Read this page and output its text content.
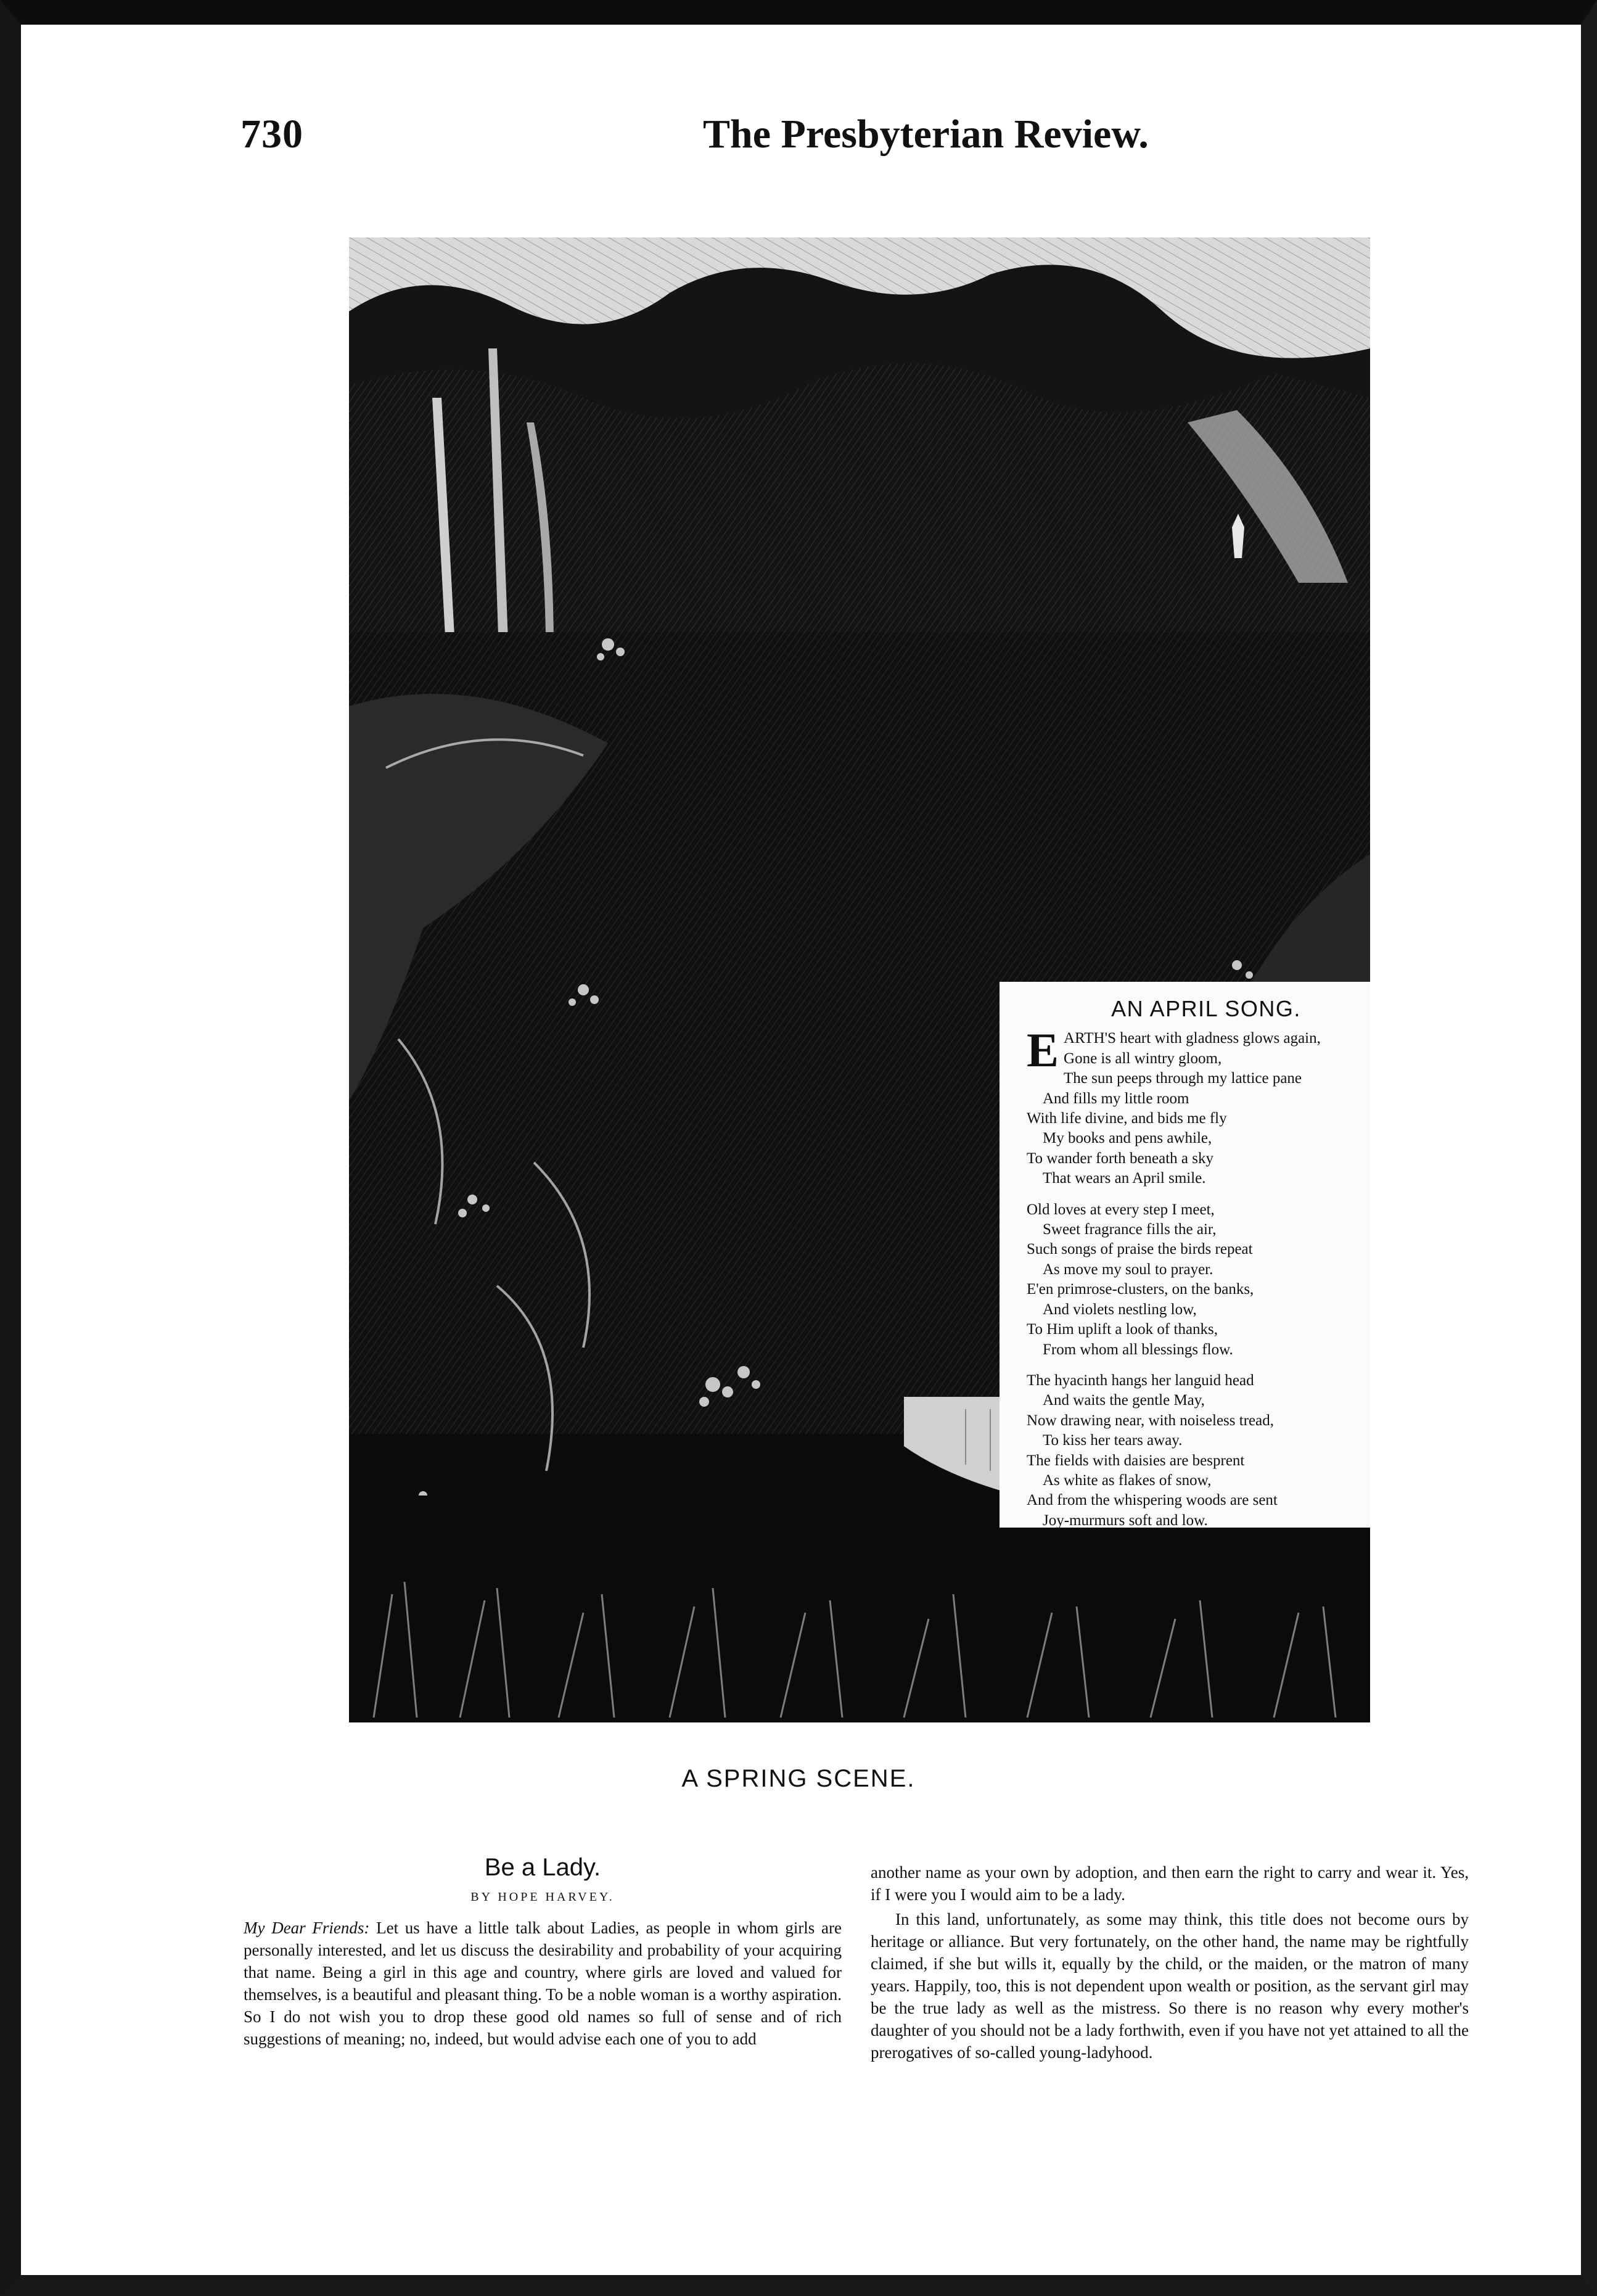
730	The Presbyterian Review.
AN APRIL SONG.
EARTH'S heart with gladness glows again,
Gone is all wintry gloom,
The sun peeps through my lattice pane
And fills my little room
With life divine, and bids me fly
My books and pens awhile,
To wander forth beneath a sky
That wears an April smile.
Old loves at every step I meet,
Sweet fragrance fills the air,
Such songs of praise the birds repeat
As move my soul to prayer.
E'en primrose-clusters, on the banks,
And violets nestling low,
To Him uplift a look of thanks,
From whom all blessings flow.
The hyacinth hangs her languid head
And waits the gentle May,
Now drawing near, with noiseless tread,
To kiss her tears away.
The fields with daisies are besprent
As white as flakes of snow,
And from the whispering woods are sent
Joy-murmurs soft and low.
A SPRING SCENE.
Be a Lady.
BY HOPE HARVEY.

My Dear Friends: Let us have a little talk about Ladies, as people in whom girls are personally interested, and let us discuss the desirability and probability of your acquiring that name. Being a girl in this age and country, where girls are loved and valued for themselves, is a beautiful and pleasant thing. To be a noble woman is a worthy aspiration. So I do not wish you to drop these good old names so full of sense and of rich suggestions of meaning; no, indeed, but would advise each one of you to add

another name as your own by adoption, and then earn the right to carry and wear it. Yes, if I were you I would aim to be a lady.

In this land, unfortunately, as some may think, this title does not become ours by heritage or alliance. But very fortunately, on the other hand, the name may be rightfully claimed, if she but wills it, equally by the child, or the maiden, or the matron of many years. Happily, too, this is not dependent upon wealth or position, as the servant girl may be the true lady as well as the mistress. So there is no reason why every mother's daughter of you should not be a lady forthwith, even if you have not yet attained to all the prerogatives of so-called young-ladyhood.
